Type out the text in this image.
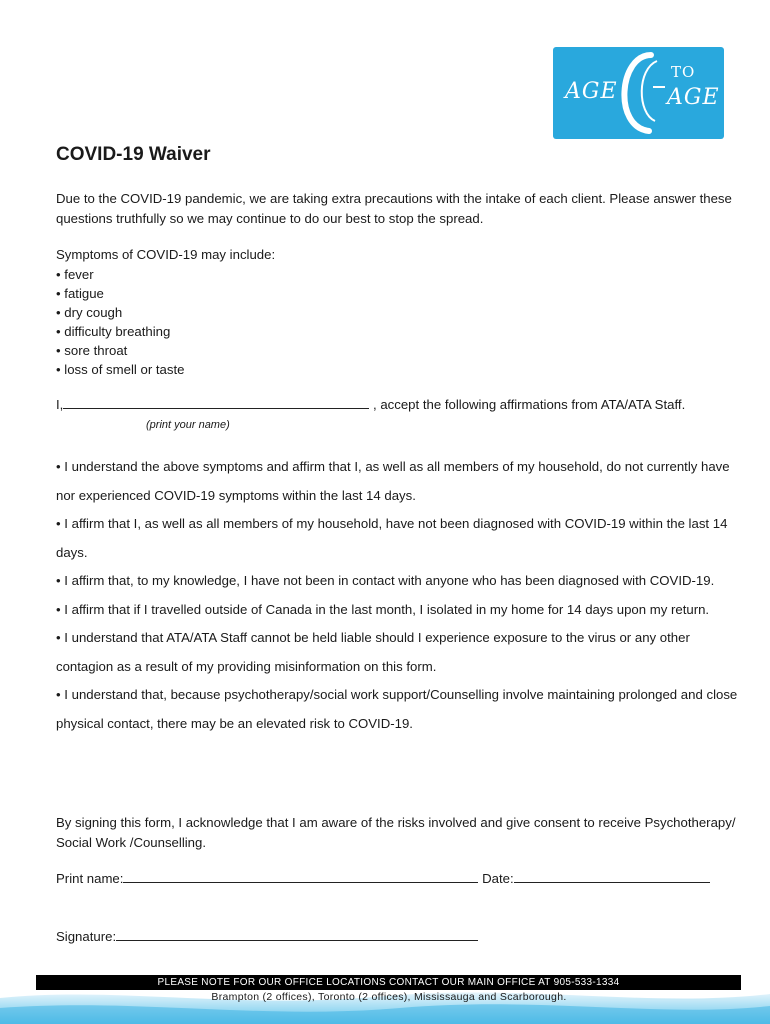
AGE
TO
AGE
COVID-19 Waiver

Due to the COVID-19 pandemic, we are taking extra precautions with the intake of each client. Please answer these questions truthfully so we may continue to do our best to stop the spread.

Symptoms of COVID-19 may include:
• fever
• fatigue
• dry cough
• difficulty breathing
• sore throat
• loss of smell or taste
I,	, accept the following affirmations from ATA/ATA Staff.
(print your name)
• I understand the above symptoms and affirm that I, as well as all members of my household, do not currently have nor experienced COVID-19 symptoms within the last 14 days.
• I affirm that I, as well as all members of my household, have not been diagnosed with COVID-19 within the last 14 days.
• I affirm that, to my knowledge, I have not been in contact with anyone who has been diagnosed with COVID-19.
• I affirm that if I travelled outside of Canada in the last month, I isolated in my home for 14 days upon my return.
• I understand that ATA/ATA Staff cannot be held liable should I experience exposure to the virus or any other contagion as a result of my providing misinformation on this form.
• I understand that, because psychotherapy/social work support/Counselling involve maintaining prolonged and close physical contact, there may be an elevated risk to COVID-19.

By signing this form, I acknowledge that I am aware of the risks involved and give consent to receive Psychotherapy/ Social Work /Counselling.

Print name:	Date:
Signature:
PLEASE NOTE FOR OUR OFFICE LOCATIONS CONTACT OUR MAIN OFFICE AT 905-533-1334
Brampton (2 offices), Toronto (2 offices), Mississauga and Scarborough.
